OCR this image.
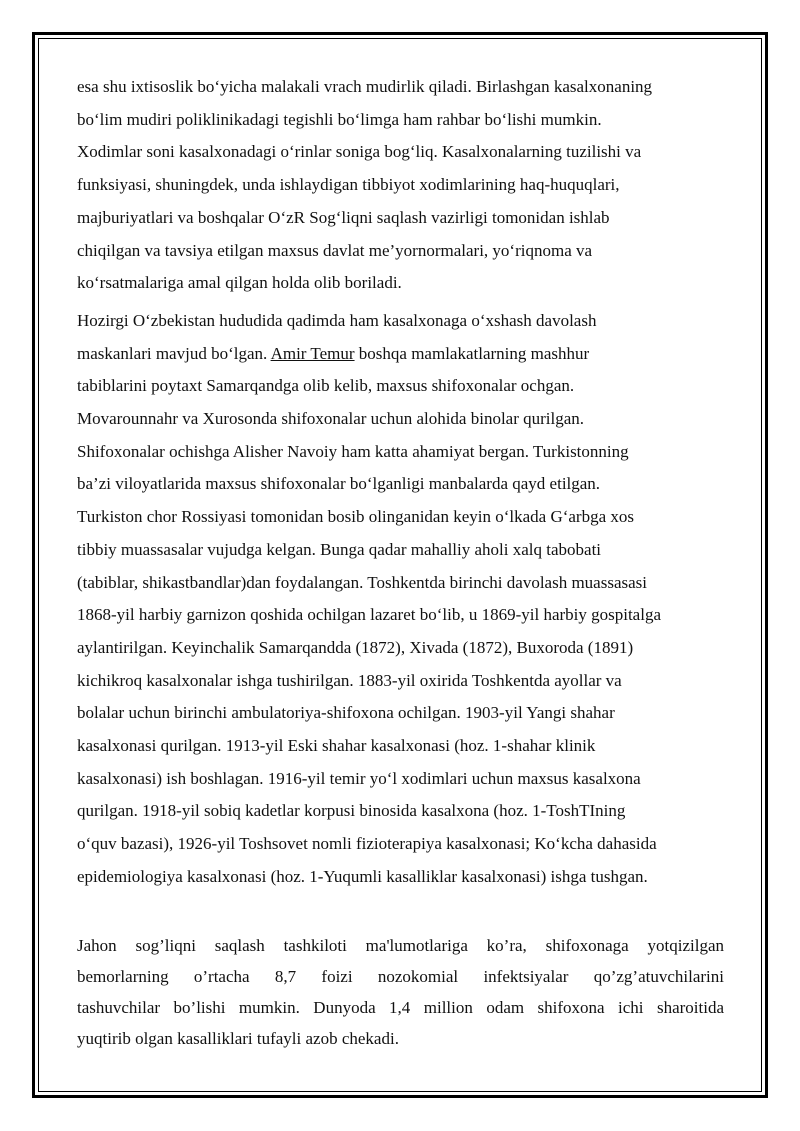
esa shu ixtisoslik bo‘yicha malakali vrach mudirlik qiladi. Birlashgan kasalxonaning
bo‘lim mudiri poliklinikadagi tegishli bo‘limga ham rahbar bo‘lishi mumkin.
Xodimlar soni kasalxonadagi o‘rinlar soniga bog‘liq. Kasalxonalarning tuzilishi va
funksiyasi, shuningdek, unda ishlaydigan tibbiyot xodimlarining haq-huquqlari,
majburiyatlari va boshqalar O‘zR Sog‘liqni saqlash vazirligi tomonidan ishlab
chiqilgan va tavsiya etilgan maxsus davlat me’yornormalari, yo‘riqnoma va
ko‘rsatmalariga amal qilgan holda olib boriladi.

Hozirgi O‘zbekistan hududida qadimda ham kasalxonaga o‘xshash davolash
maskanlari mavjud bo‘lgan. Amir Temur boshqa mamlakatlarning mashhur
tabiblarini poytaxt Samarqandga olib kelib, maxsus shifoxonalar ochgan.
Movarounnahr va Xurosonda shifoxonalar uchun alohida binolar qurilgan.
Shifoxonalar ochishga Alisher Navoiy ham katta ahamiyat bergan. Turkistonning
ba’zi viloyatlarida maxsus shifoxonalar bo‘lganligi manbalarda qayd etilgan.
Turkiston chor Rossiyasi tomonidan bosib olinganidan keyin o‘lkada G‘arbga xos
tibbiy muassasalar vujudga kelgan. Bunga qadar mahalliy aholi xalq tabobati
(tabiblar, shikastbandlar)dan foydalangan. Toshkentda birinchi davolash muassasasi
1868-yil harbiy garnizon qoshida ochilgan lazaret bo‘lib, u 1869-yil harbiy gospitalga
aylantirilgan. Keyinchalik Samarqandda (1872), Xivada (1872), Buxoroda (1891)
kichikroq kasalxonalar ishga tushirilgan. 1883-yil oxirida Toshkentda ayollar va
bolalar uchun birinchi ambulatoriya-shifoxona ochilgan. 1903-yil Yangi shahar
kasalxonasi qurilgan. 1913-yil Eski shahar kasalxonasi (hoz. 1-shahar klinik
kasalxonasi) ish boshlagan. 1916-yil temir yo‘l xodimlari uchun maxsus kasalxona
qurilgan. 1918-yil sobiq kadetlar korpusi binosida kasalxona (hoz. 1-ToshTIning
o‘quv bazasi), 1926-yil Toshsovet nomli fizioterapiya kasalxonasi; Ko‘kcha dahasida
epidemiologiya kasalxonasi (hoz. 1-Yuqumli kasalliklar kasalxonasi) ishga tushgan.

Jahon sog’liqni saqlash tashkiloti ma'lumotlariga ko’ra, shifoxonaga yotqizilgan
bemorlarning o’rtacha 8,7 foizi nozokomial infektsiyalar qo’zg’atuvchilarini
tashuvchilar bo’lishi mumkin. Dunyoda 1,4 million odam shifoxona ichi sharoitida
yuqtirib olgan kasalliklari tufayli azob chekadi.
